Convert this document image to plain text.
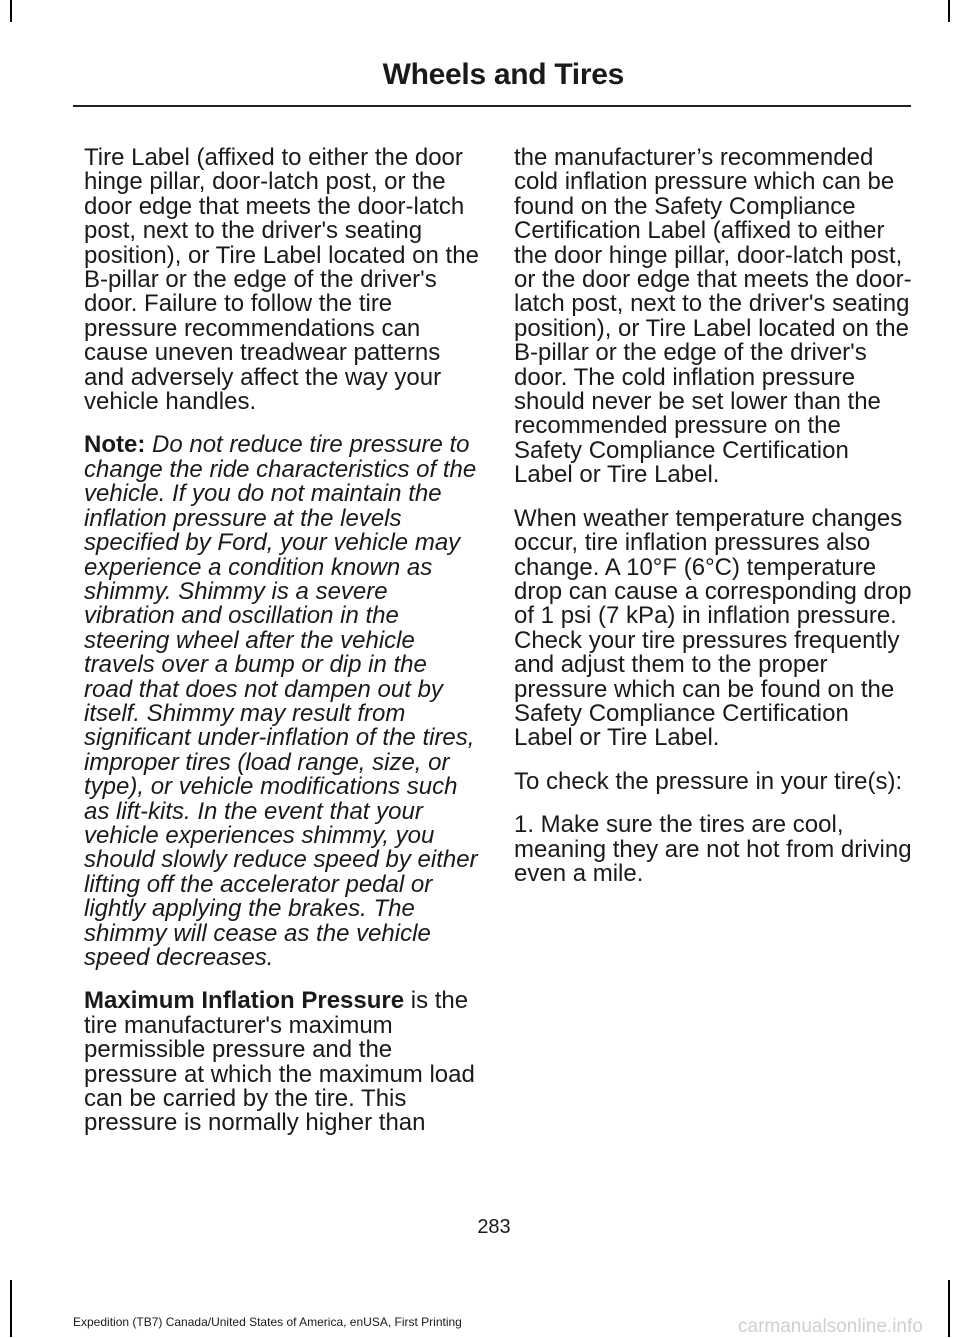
Wheels and Tires

Tire Label (affixed to either the door hinge pillar, door-latch post, or the door edge that meets the door-latch post, next to the driver's seating position), or Tire Label located on the B-pillar or the edge of the driver's door. Failure to follow the tire pressure recommendations can cause uneven treadwear patterns and adversely affect the way your vehicle handles.

Note: Do not reduce tire pressure to change the ride characteristics of the vehicle. If you do not maintain the inflation pressure at the levels specified by Ford, your vehicle may experience a condition known as shimmy. Shimmy is a severe vibration and oscillation in the steering wheel after the vehicle travels over a bump or dip in the road that does not dampen out by itself. Shimmy may result from significant under-inflation of the tires, improper tires (load range, size, or type), or vehicle modifications such as lift-kits. In the event that your vehicle experiences shimmy, you should slowly reduce speed by either lifting off the accelerator pedal or lightly applying the brakes. The shimmy will cease as the vehicle speed decreases.

Maximum Inflation Pressure is the tire manufacturer's maximum permissible pressure and the pressure at which the maximum load can be carried by the tire. This pressure is normally higher than

the manufacturer’s recommended cold inflation pressure which can be found on the Safety Compliance Certification Label (affixed to either the door hinge pillar, door-latch post, or the door edge that meets the door-latch post, next to the driver's seating position), or Tire Label located on the B-pillar or the edge of the driver's door. The cold inflation pressure should never be set lower than the recommended pressure on the Safety Compliance Certification Label or Tire Label.

When weather temperature changes occur, tire inflation pressures also change. A 10°F (6°C) temperature drop can cause a corresponding drop of 1 psi (7 kPa) in inflation pressure. Check your tire pressures frequently and adjust them to the proper pressure which can be found on the Safety Compliance Certification Label or Tire Label.

To check the pressure in your tire(s):

1. Make sure the tires are cool, meaning they are not hot from driving even a mile.

283
Expedition (TB7) Canada/United States of America, enUSA, First Printing	carmanualsonline.info
